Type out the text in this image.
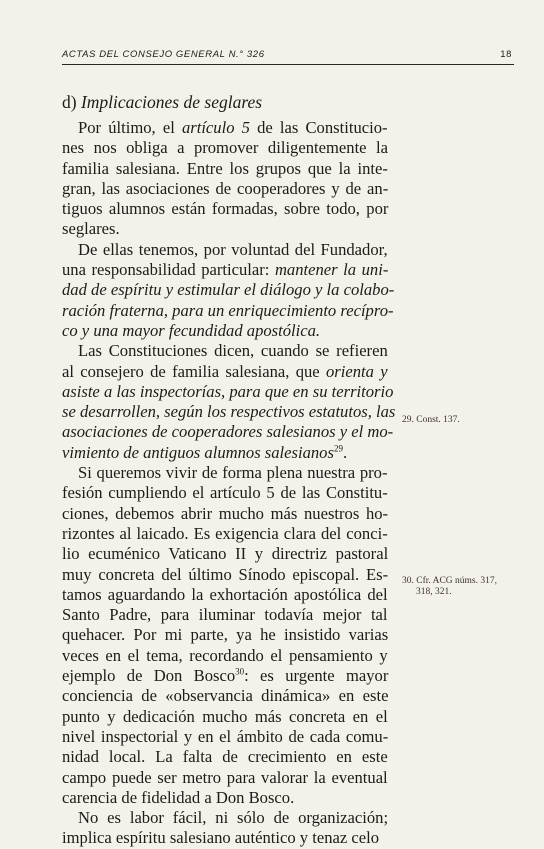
ACTAS DEL CONSEJO GENERAL N.° 326	18
d) Implicaciones de seglares
Por último, el artículo 5 de las Constitucio-
nes nos obliga a promover diligentemente la
familia salesiana. Entre los grupos que la inte-
gran, las asociaciones de cooperadores y de an-
tiguos alumnos están formadas, sobre todo, por
seglares.
De ellas tenemos, por voluntad del Fundador,
una responsabilidad particular: mantener la uni-
dad de espíritu y estimular el diálogo y la colabo-
ración fraterna, para un enriquecimiento recípro-
co y una mayor fecundidad apostólica.
Las Constituciones dicen, cuando se refieren
al consejero de familia salesiana, que orienta y
asiste a las inspectorías, para que en su territorio
se desarrollen, según los respectivos estatutos, las
asociaciones de cooperadores salesianos y el mo-
vimiento de antiguos alumnos salesianos$^{29}$.
Si queremos vivir de forma plena nuestra pro-
fesión cumpliendo el artículo 5 de las Constitu-
ciones, debemos abrir mucho más nuestros ho-
rizontes al laicado. Es exigencia clara del conci-
lio ecuménico Vaticano II y directriz pastoral
muy concreta del último Sínodo episcopal. Es-
tamos aguardando la exhortación apostólica del
Santo Padre, para iluminar todavía mejor tal
quehacer. Por mi parte, ya he insistido varias
veces en el tema, recordando el pensamiento y
ejemplo de Don Bosco$^{30}$: es urgente mayor
conciencia de «observancia dinámica» en este
punto y dedicación mucho más concreta en el
nivel inspectorial y en el ámbito de cada comu-
nidad local. La falta de crecimiento en este
campo puede ser metro para valorar la eventual
carencia de fidelidad a Don Bosco.
No es labor fácil, ni sólo de organización;
implica espíritu salesiano auténtico y tenaz celo
29. Const. 137.
30. Cfr. ACG núms. 317,
318, 321.
